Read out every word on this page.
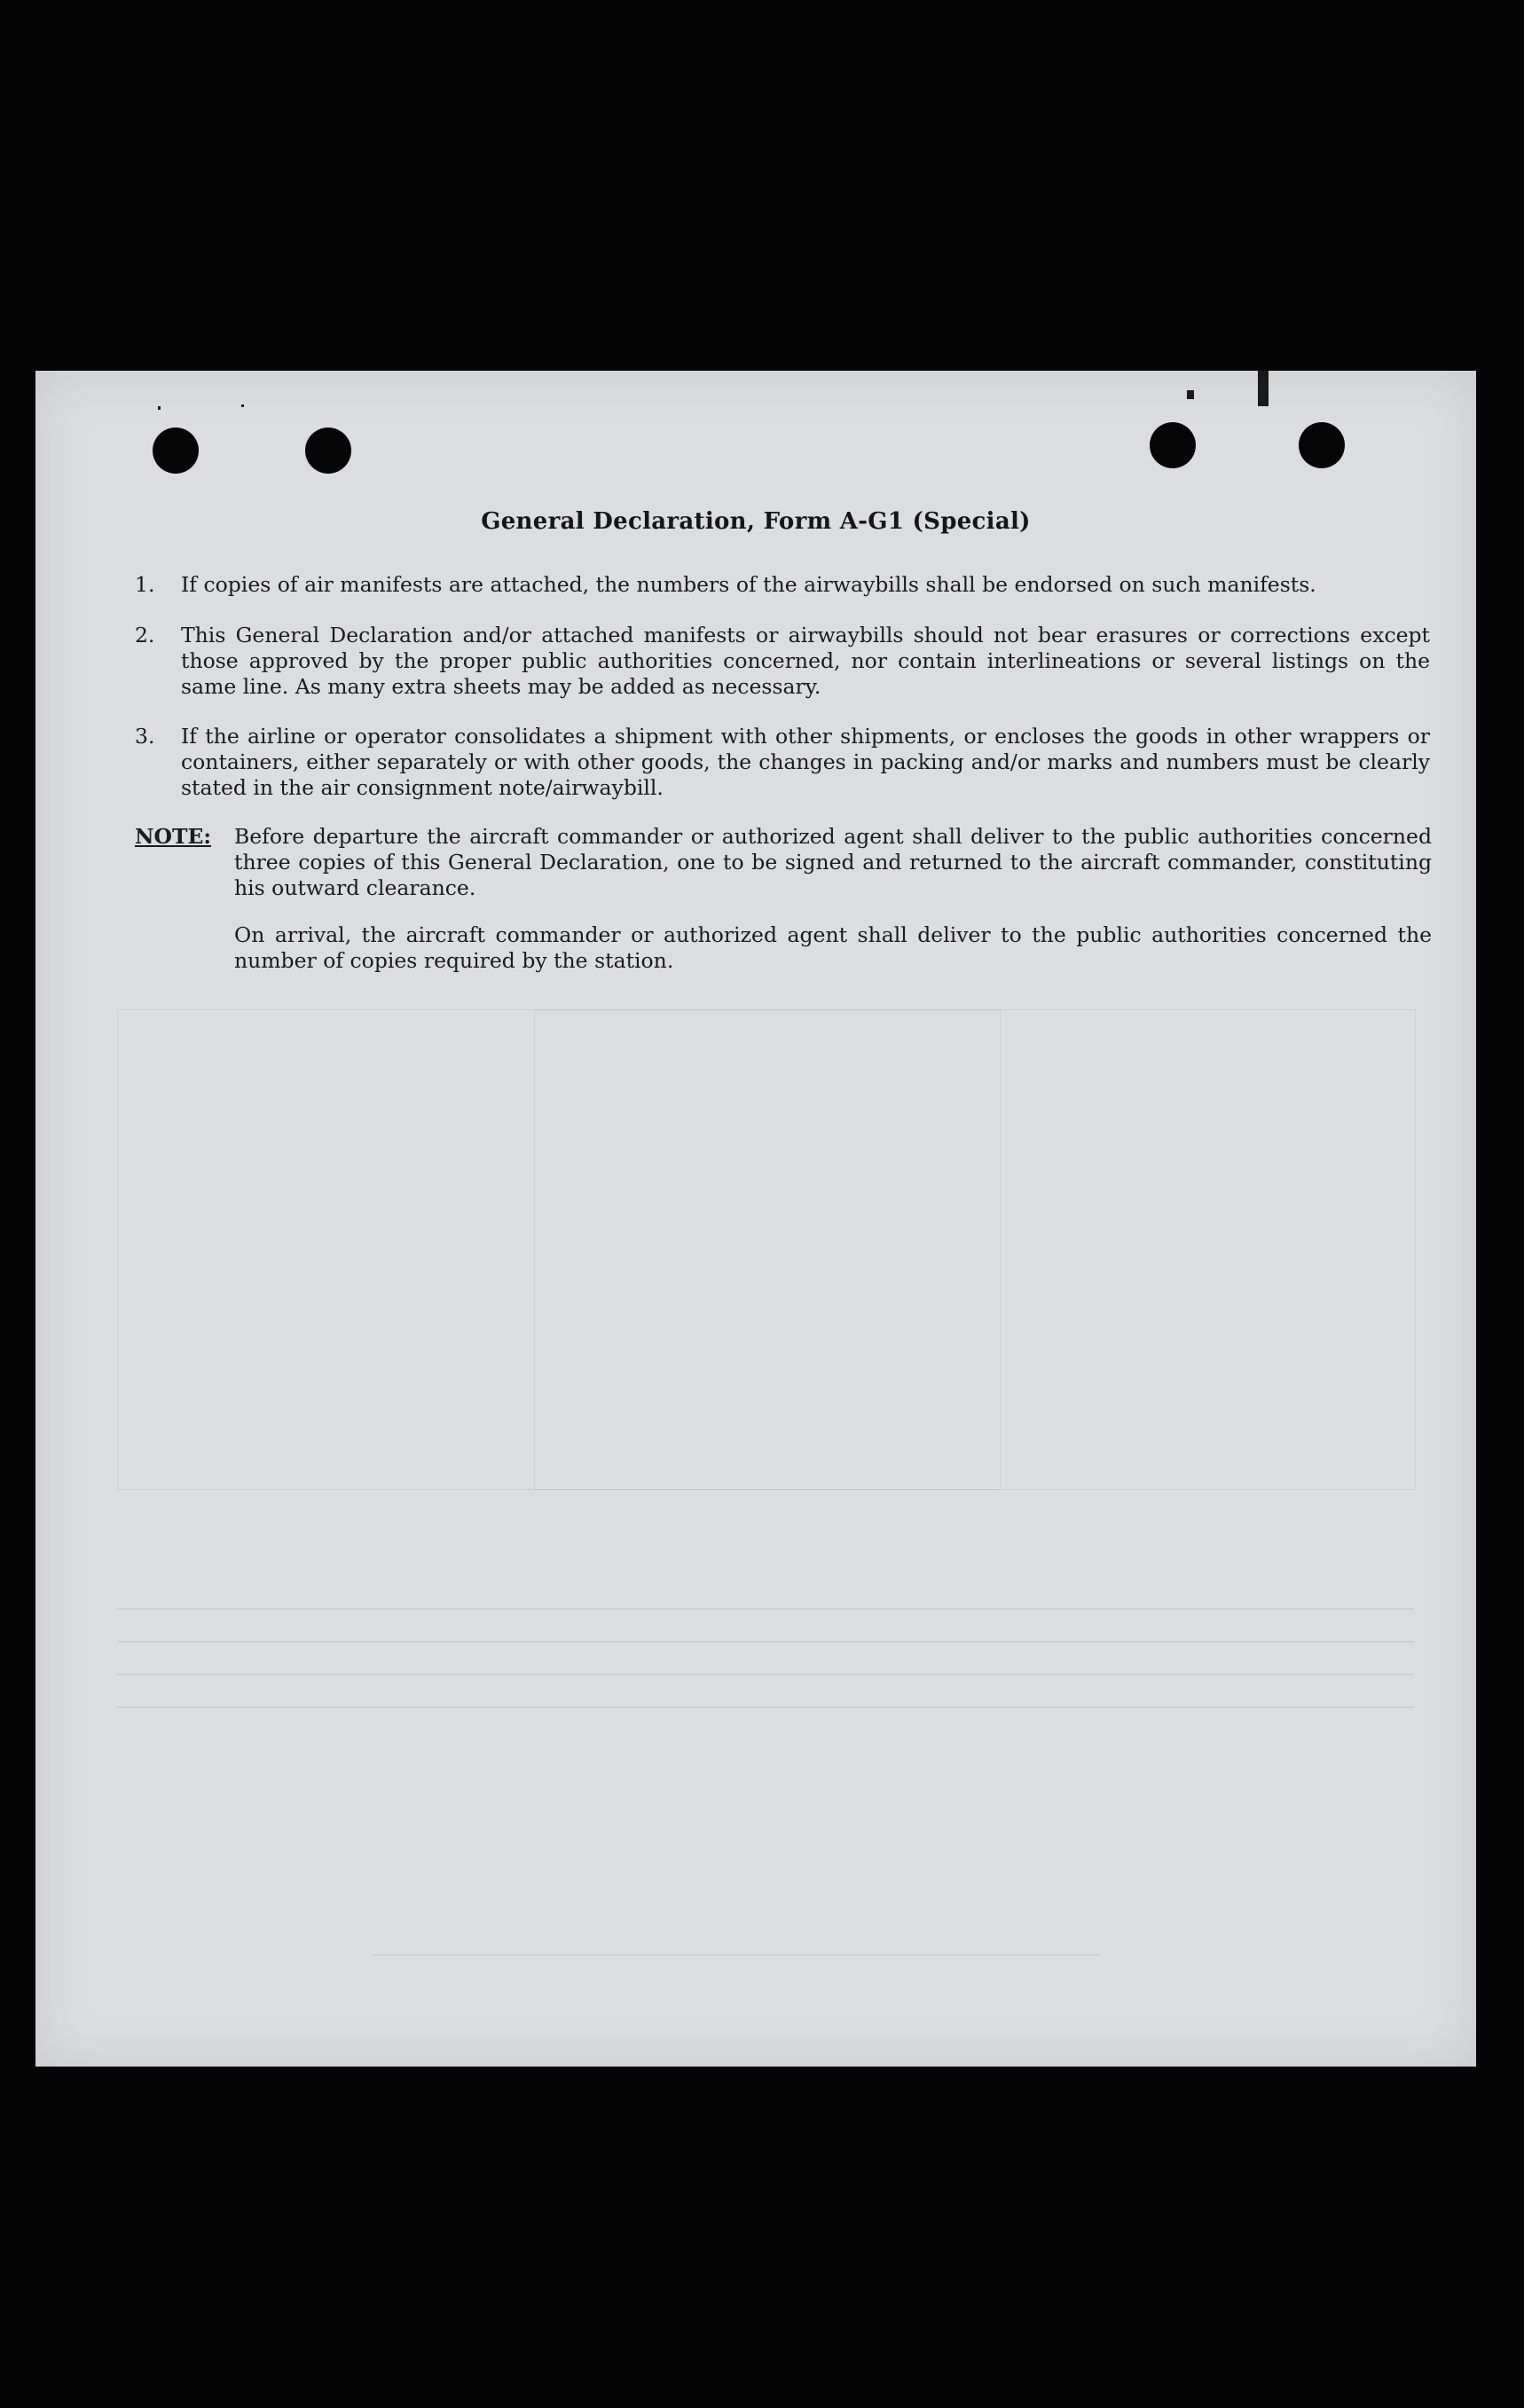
General Declaration, Form A-G1 (Special)
1. If copies of air manifests are attached, the numbers of the airwaybills shall be endorsed on such manifests.
2. This General Declaration and/or attached manifests or airwaybills should not bear erasures or corrections except those approved by the proper public authorities concerned, nor contain interlineations or several listings on the same line. As many extra sheets may be added as necessary.
3. If the airline or operator consolidates a shipment with other shipments, or encloses the goods in other wrappers or containers, either separately or with other goods, the changes in packing and/or marks and numbers must be clearly stated in the air consignment note/airwaybill.
NOTE: Before departure the aircraft commander or authorized agent shall deliver to the public authorities concerned three copies of this General Declaration, one to be signed and returned to the aircraft commander, constituting his outward clearance.
On arrival, the aircraft commander or authorized agent shall deliver to the public authorities concerned the number of copies required by the station.
